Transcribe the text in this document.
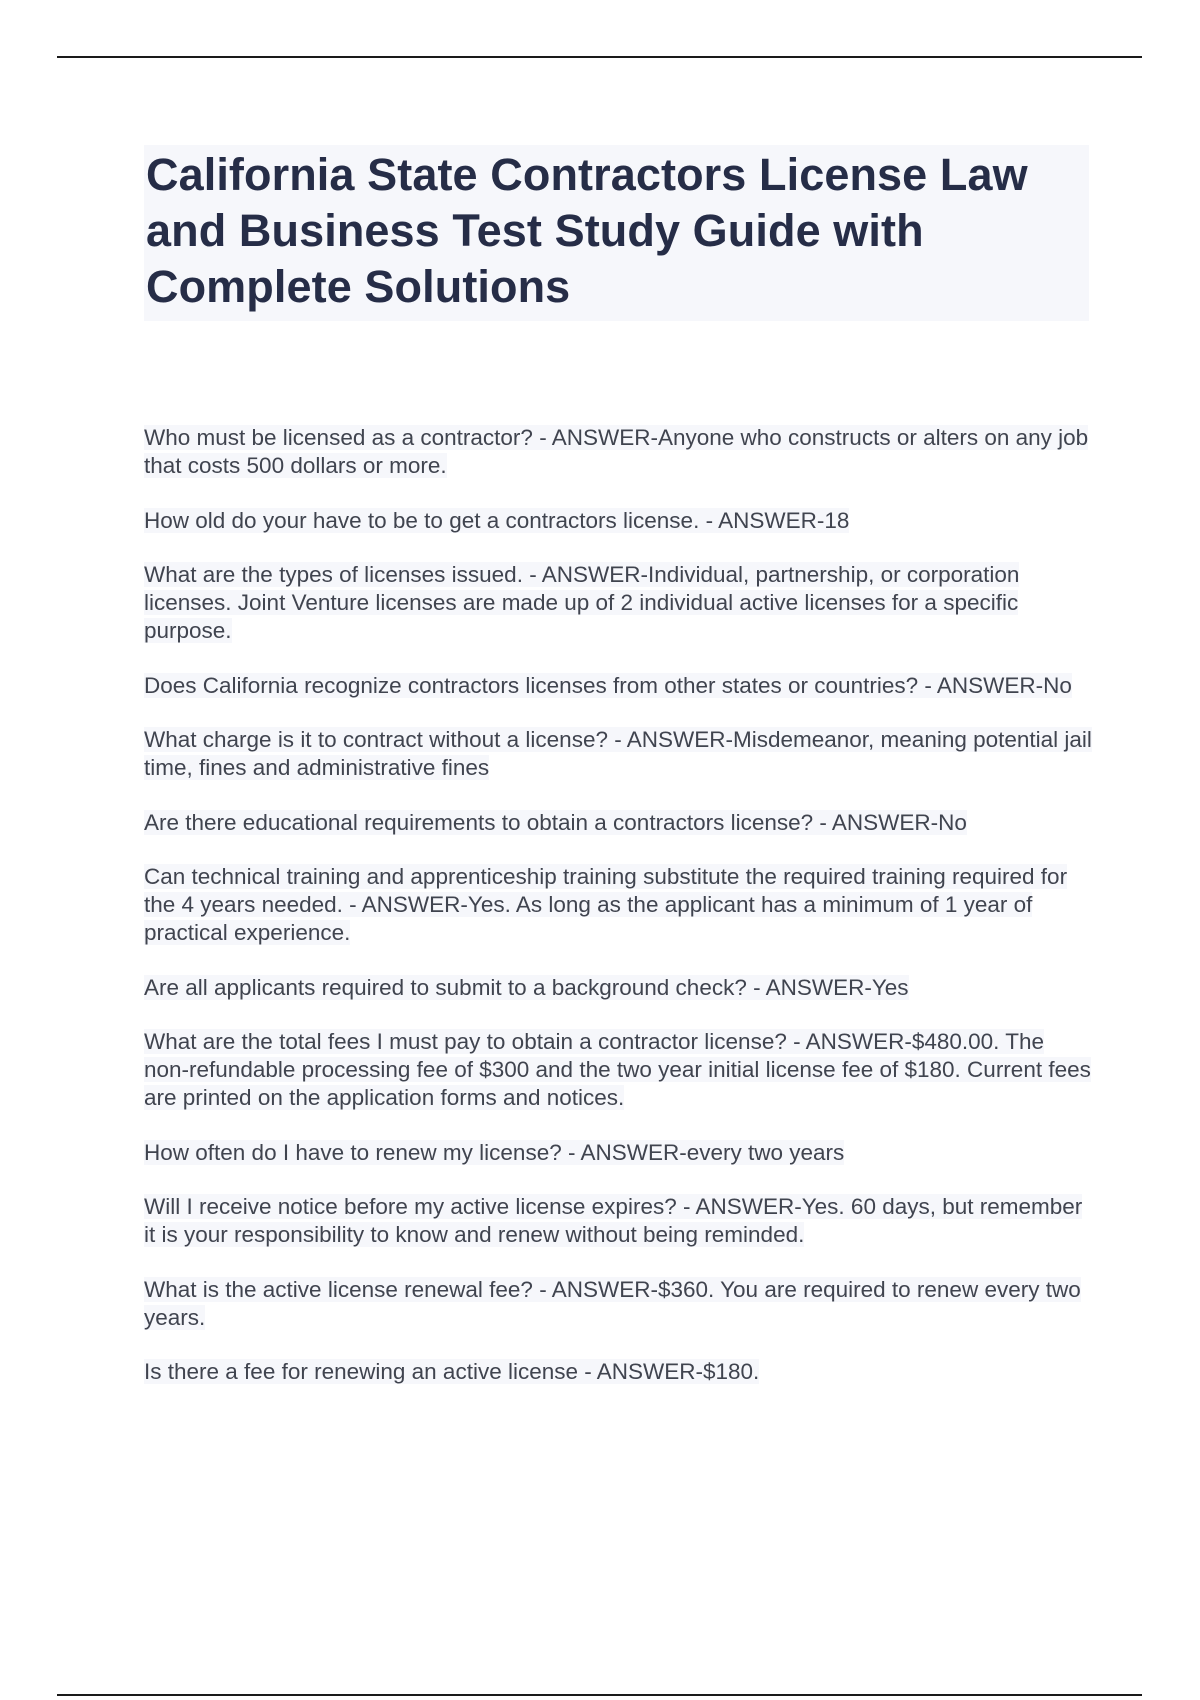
California State Contractors License Law and Business Test Study Guide with Complete Solutions
Who must be licensed as a contractor? - ANSWER-Anyone who constructs or alters on any job that costs 500 dollars or more.
How old do your have to be to get a contractors license. - ANSWER-18
What are the types of licenses issued. - ANSWER-Individual, partnership, or corporation licenses. Joint Venture licenses are made up of 2 individual active licenses for a specific purpose.
Does California recognize contractors licenses from other states or countries? - ANSWER-No
What charge is it to contract without a license? - ANSWER-Misdemeanor, meaning potential jail time, fines and administrative fines
Are there educational requirements to obtain a contractors license? - ANSWER-No
Can technical training and apprenticeship training substitute the required training required for the 4 years needed. - ANSWER-Yes. As long as the applicant has a minimum of 1 year of practical experience.
Are all applicants required to submit to a background check? - ANSWER-Yes
What are the total fees I must pay to obtain a contractor license? - ANSWER-$480.00. The non-refundable processing fee of $300 and the two year initial license fee of $180. Current fees are printed on the application forms and notices.
How often do I have to renew my license? - ANSWER-every two years
Will I receive notice before my active license expires? - ANSWER-Yes. 60 days, but remember it is your responsibility to know and renew without being reminded.
What is the active license renewal fee? - ANSWER-$360. You are required to renew every two years.
Is there a fee for renewing an active license - ANSWER-$180.
